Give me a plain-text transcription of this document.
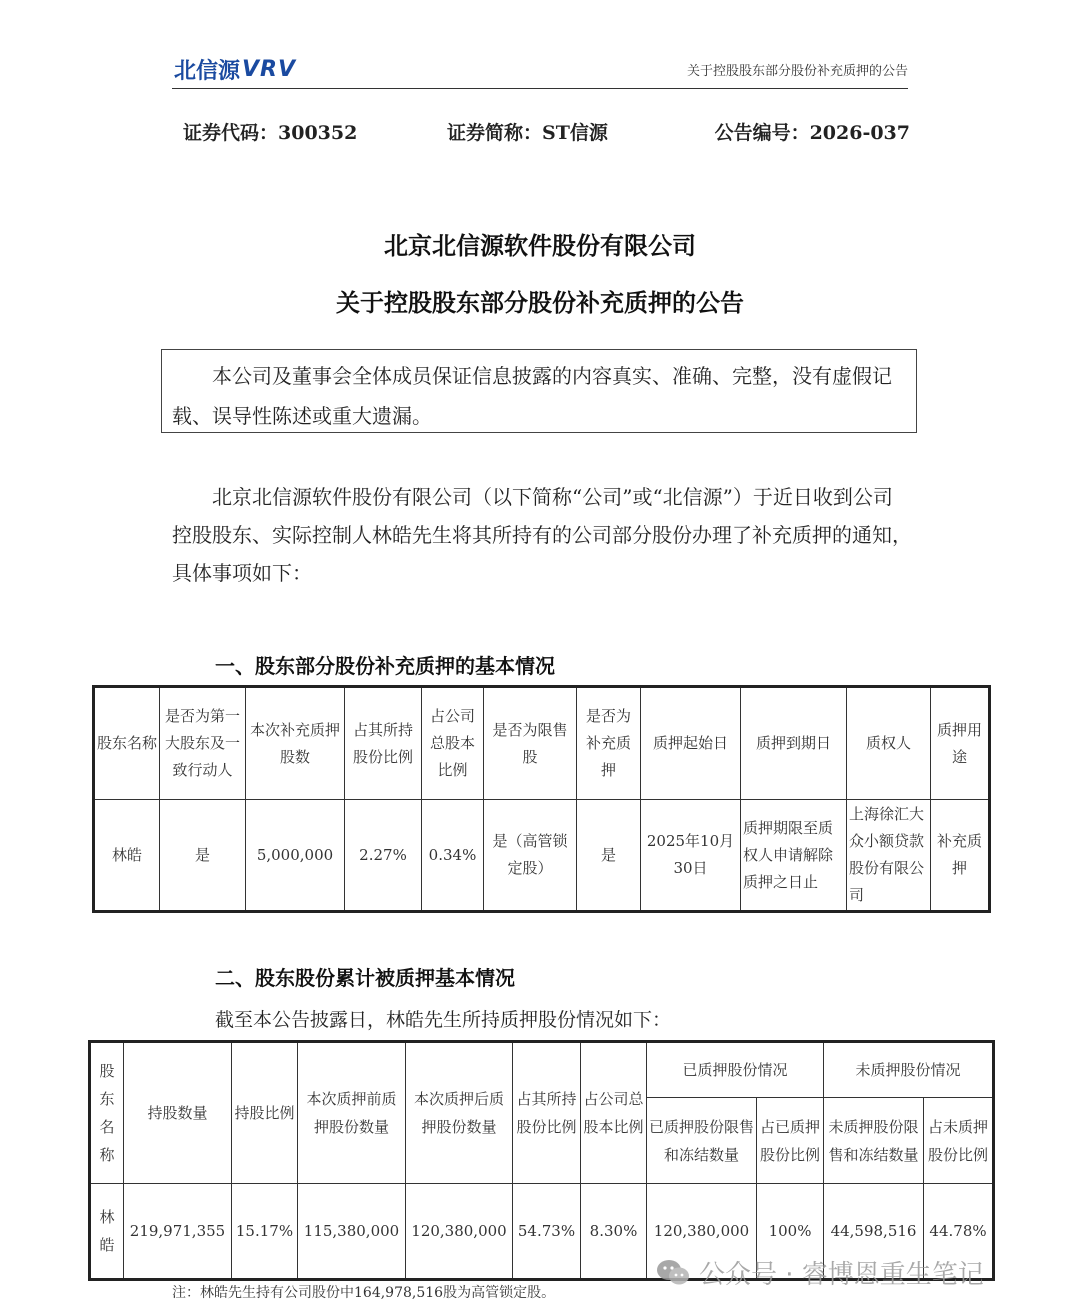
北信源 VRV	关于控股股东部分股份补充质押的公告
证券代码：300352	证券简称：ST信源	公告编号：2026-037
北京北信源软件股份有限公司
关于控股股东部分股份补充质押的公告

本公司及董事会全体成员保证信息披露的内容真实、准确、完整，没有虚假记载、误导性陈述或重大遗漏。

北京北信源软件股份有限公司（以下简称“公司”或“北信源”）于近日收到公司控股股东、实际控制人林皓先生将其所持有的公司部分股份办理了补充质押的通知，具体事项如下：

一、股东部分股份补充质押的基本情况
股东名称	是否为第一大股东及一致行动人	本次补充质押股数	占其所持股份比例	占公司总股本比例	是否为限售股	是否为补充质押	质押起始日	质押到期日	质权人	质押用途
林皓	是	5,000,000	2.27%	0.34%	是（高管锁定股）	是	2025年10月30日	质押期限至质权人申请解除质押之日止	上海徐汇大众小额贷款股份有限公司	补充质押
二、股东股份累计被质押基本情况
截至本公告披露日，林皓先生所持质押股份情况如下：
股东名称	持股数量	持股比例	本次质押前质押股份数量	本次质押后质押股份数量	占其所持股份比例	占公司总股本比例	已质押股份情况		未质押股份情况	
							已质押股份限售和冻结数量	占已质押股份比例	未质押股份限售和冻结数量	占未质押股份比例
林皓	219,971,355	15.17%	115,380,000	120,380,000	54.73%	8.30%	120,380,000	100%	44,598,516	44.78%
注：林皓先生持有公司股份中164,978,516股为高管锁定股。
公众号 · 睿博恩重生笔记
